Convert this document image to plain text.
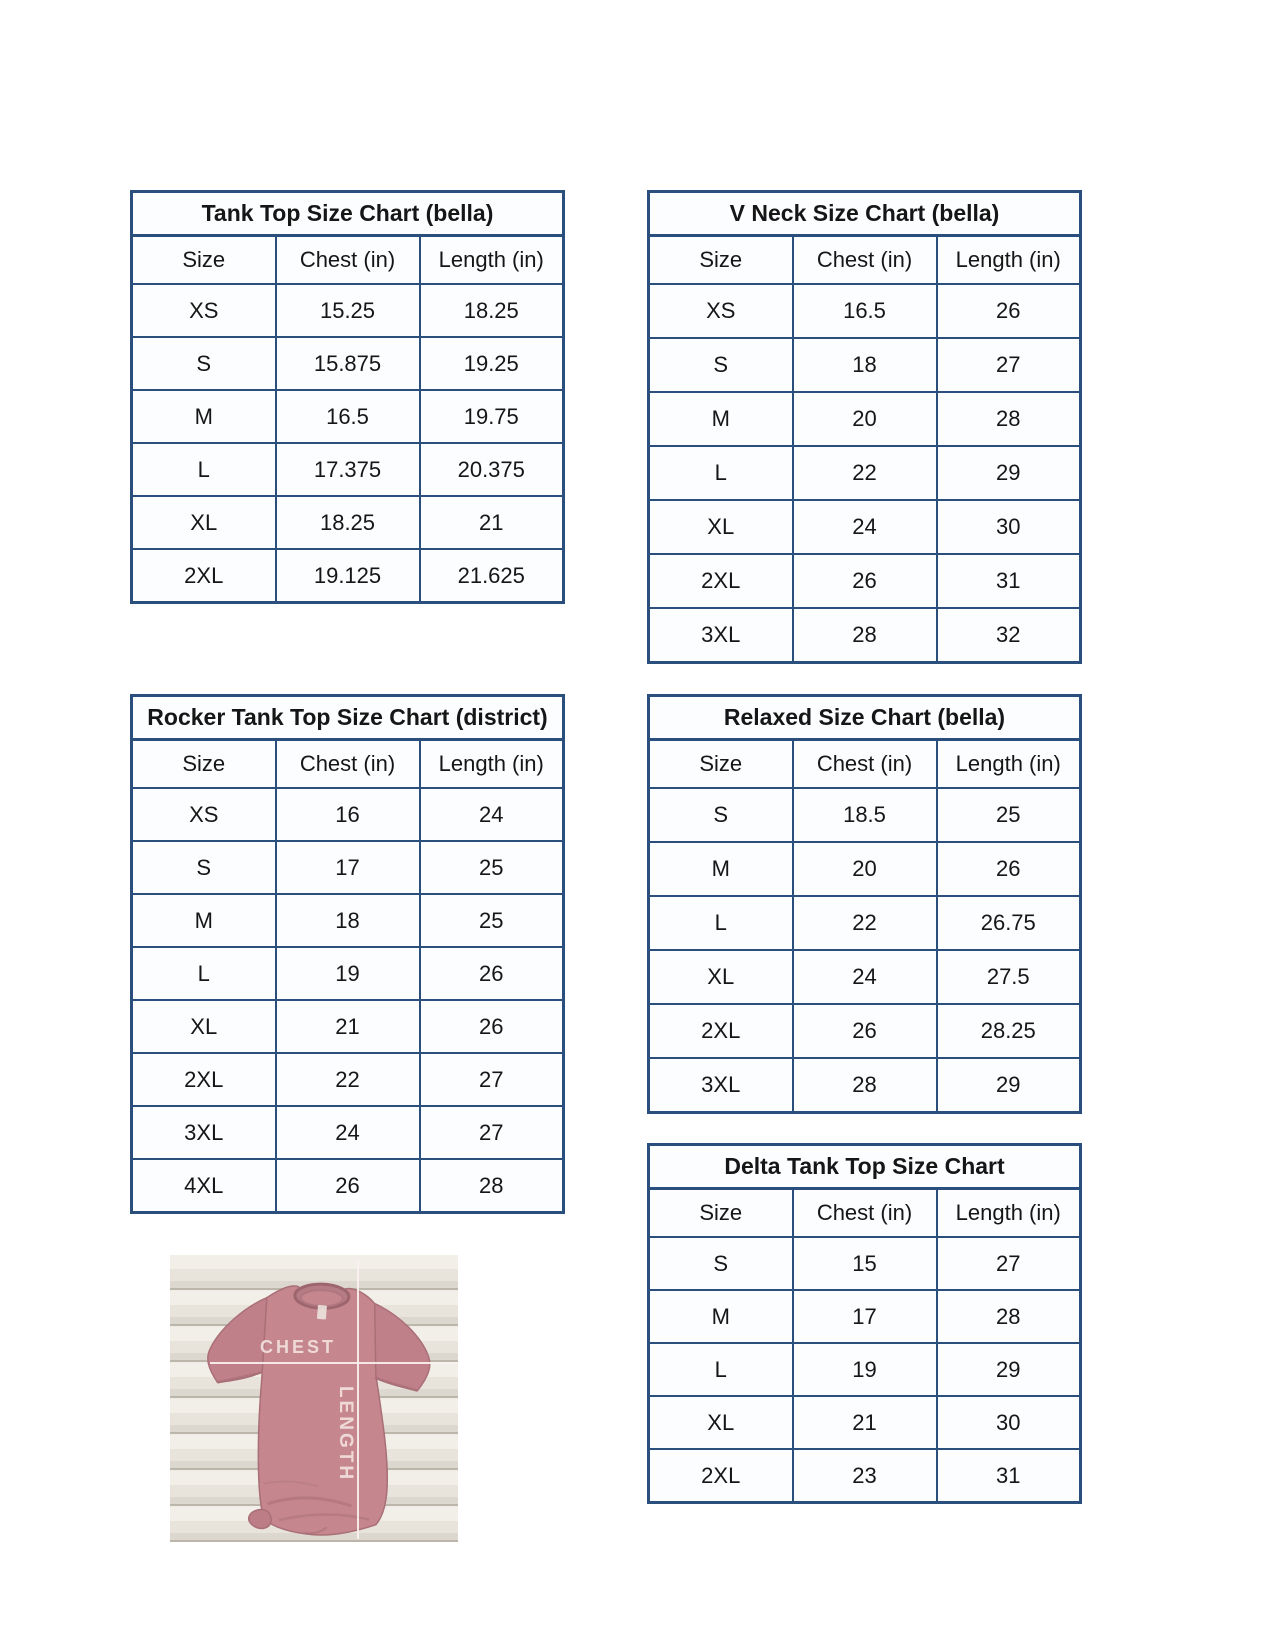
Tank Top Size Chart (bella)		
Size	Chest (in)	Length (in)
XS	15.25	18.25
S	15.875	19.25
M	16.5	19.75
L	17.375	20.375
XL	18.25	21
2XL	19.125	21.625
V Neck Size Chart (bella)		
Size	Chest (in)	Length (in)
XS	16.5	26
S	18	27
M	20	28
L	22	29
XL	24	30
2XL	26	31
3XL	28	32
Rocker Tank Top Size Chart (district)		
Size	Chest (in)	Length (in)
XS	16	24
S	17	25
M	18	25
L	19	26
XL	21	26
2XL	22	27
3XL	24	27
4XL	26	28
Relaxed Size Chart (bella)		
Size	Chest (in)	Length (in)
S	18.5	25
M	20	26
L	22	26.75
XL	24	27.5
2XL	26	28.25
3XL	28	29
Delta Tank Top Size Chart		
Size	Chest (in)	Length (in)
S	15	27
M	17	28
L	19	29
XL	21	30
2XL	23	31
CHEST
LENGTH
